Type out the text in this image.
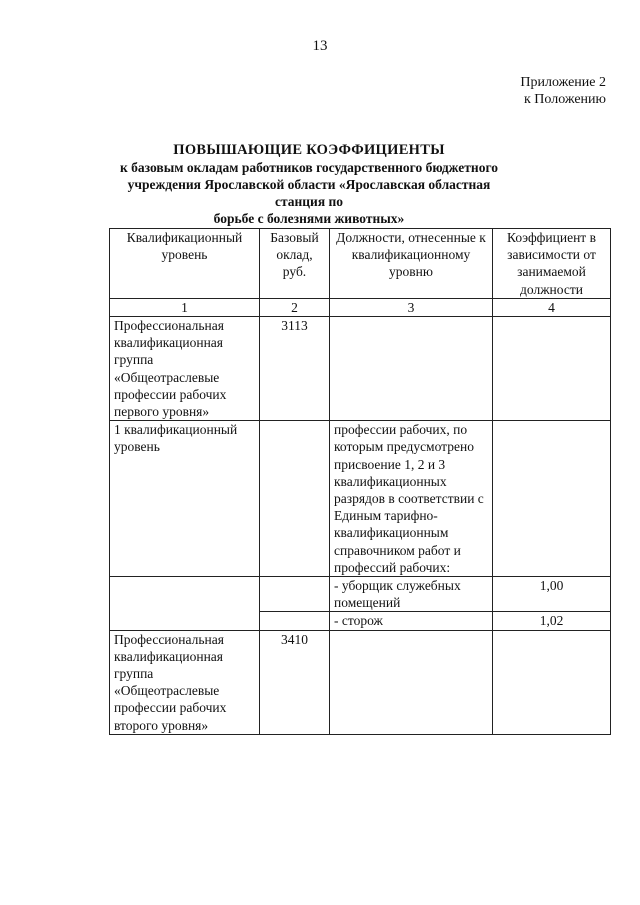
13
Приложение 2
к Положению
ПОВЫШАЮЩИЕ КОЭФФИЦИЕНТЫ
к базовым окладам работников государственного бюджетного
учреждения Ярославской области «Ярославская областная станция по
борьбе с болезнями животных»
Квалификационный уровень	Базовый оклад, руб.	Должности, отнесенные к квалификационному уровню	Коэффициент в зависимости от занимаемой должности
1	2	3	4
Профессиональная квалификационная группа «Общеотраслевые профессии рабочих первого уровня»	3113		
1 квалификационный уровень		профессии рабочих, по которым предусмотрено присвоение 1, 2 и 3 квалификационных разрядов в соответствии с Единым тарифно-квалификационным справочником работ и профессий рабочих:	
		- уборщик служебных помещений	1,00
		- сторож	1,02
Профессиональная квалификационная группа «Общеотраслевые профессии рабочих второго уровня»	3410		
